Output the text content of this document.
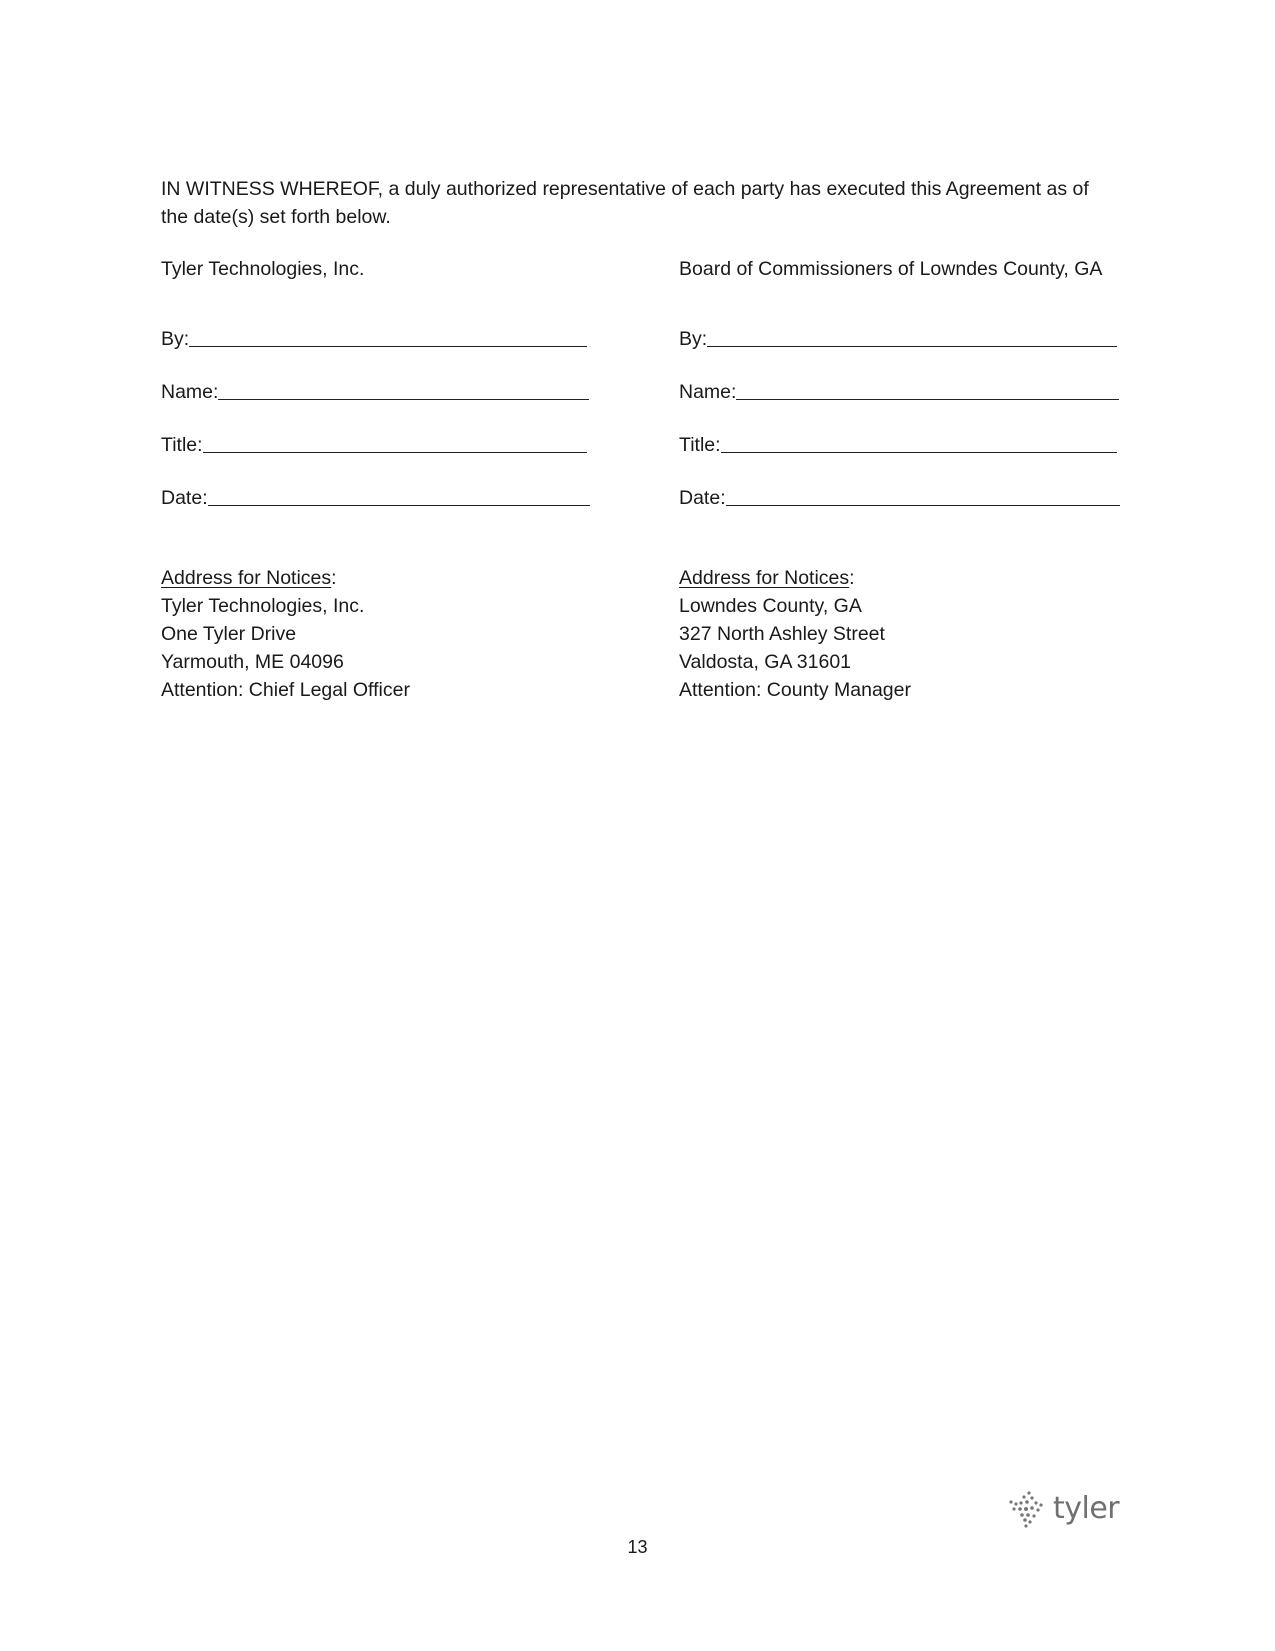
IN WITNESS WHEREOF, a duly authorized representative of each party has executed this Agreement as of the date(s) set forth below.

Tyler Technologies, Inc.

By:
Name:
Title:
Date:
Address for Notices:
Tyler Technologies, Inc.
One Tyler Drive
Yarmouth, ME 04096
Attention: Chief Legal Officer

Board of Commissioners of Lowndes County, GA

By:
Name:
Title:
Date:
Address for Notices:
Lowndes County, GA
327 North Ashley Street
Valdosta, GA 31601
Attention: County Manager
tyler
13
